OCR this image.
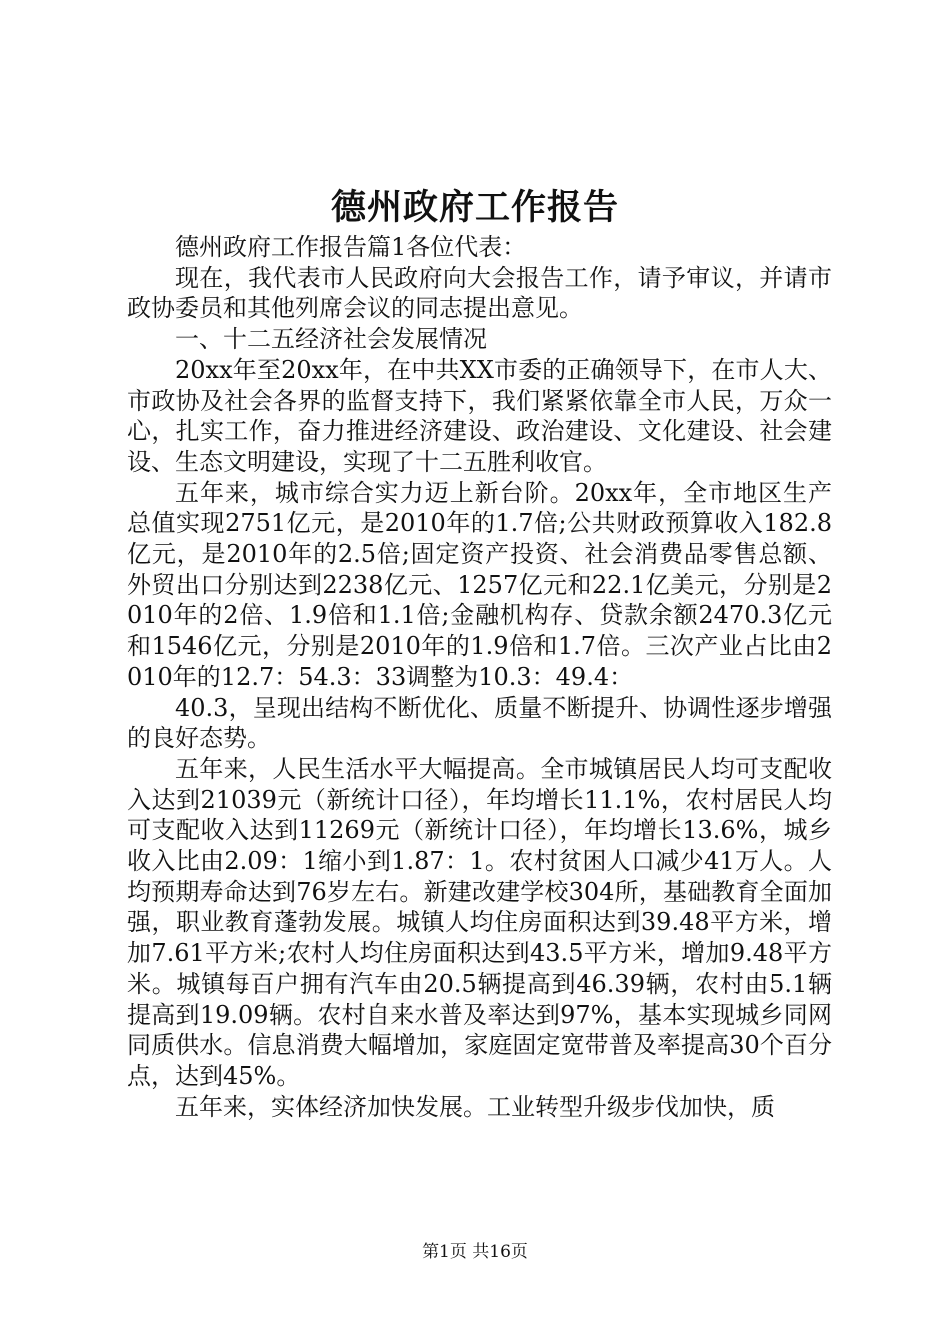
德州政府工作报告

德州政府工作报告篇1各位代表：

现在，我代表市人民政府向大会报告工作，请予审议，并请市政协委员和其他列席会议的同志提出意见。

一、十二五经济社会发展情况

20xx年至20xx年，在中共XX市委的正确领导下，在市人大、市政协及社会各界的监督支持下，我们紧紧依靠全市人民，万众一心，扎实工作，奋力推进经济建设、政治建设、文化建设、社会建设、生态文明建设，实现了十二五胜利收官。

五年来，城市综合实力迈上新台阶。20xx年，全市地区生产总值实现2751亿元，是2010年的1.7倍;公共财政预算收入182.8亿元，是2010年的2.5倍;固定资产投资、社会消费品零售总额、外贸出口分别达到2238亿元、1257亿元和22.1亿美元，分别是2010年的2倍、1.9倍和1.1倍;金融机构存、贷款余额2470.3亿元和1546亿元，分别是2010年的1.9倍和1.7倍。三次产业占比由2010年的12.7：54.3：33调整为10.3：49.4：

40.3，呈现出结构不断优化、质量不断提升、协调性逐步增强的良好态势。

五年来，人民生活水平大幅提高。全市城镇居民人均可支配收入达到21039元（新统计口径），年均增长11.1%，农村居民人均可支配收入达到11269元（新统计口径），年均增长13.6%，城乡收入比由2.09：1缩小到1.87：1。农村贫困人口减少41万人。人均预期寿命达到76岁左右。新建改建学校304所，基础教育全面加强，职业教育蓬勃发展。城镇人均住房面积达到39.48平方米，增加7.61平方米;农村人均住房面积达到43.5平方米，增加9.48平方米。城镇每百户拥有汽车由20.5辆提高到46.39辆，农村由5.1辆提高到19.09辆。农村自来水普及率达到97%，基本实现城乡同网同质供水。信息消费大幅增加，家庭固定宽带普及率提高30个百分点，达到45%。

五年来，实体经济加快发展。工业转型升级步伐加快，质

第1页 共16页
